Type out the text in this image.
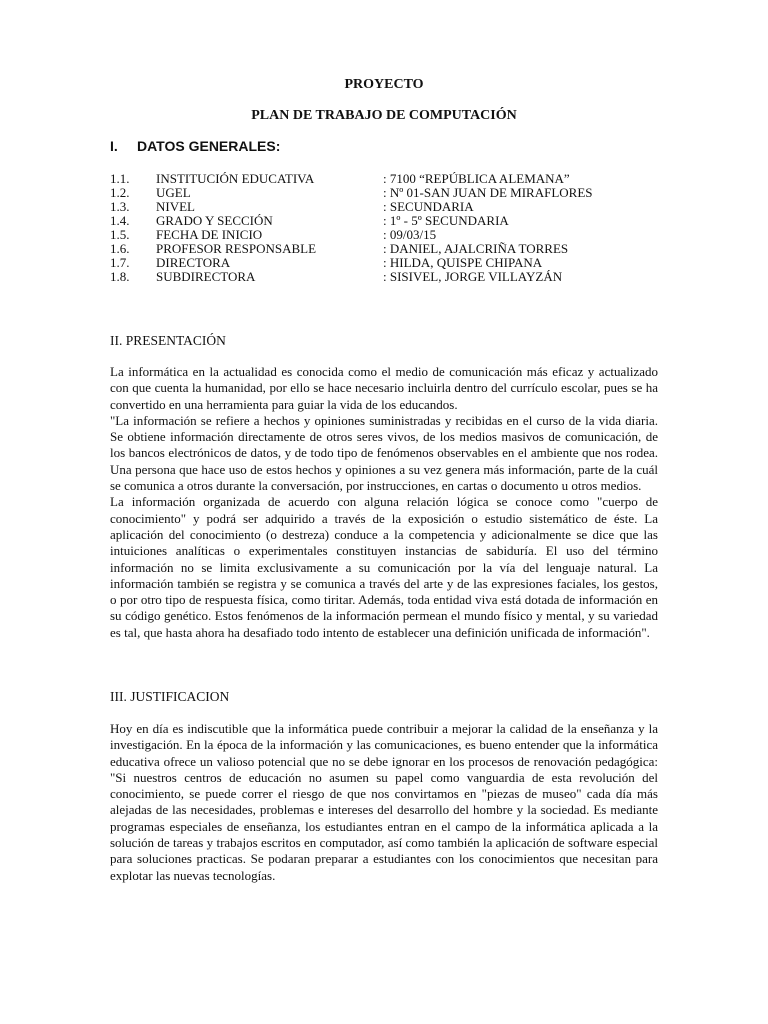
PROYECTO
PLAN DE TRABAJO DE COMPUTACIÓN
I. DATOS GENERALES:
1.1. INSTITUCIÓN EDUCATIVA	: 7100 “REPÚBLICA ALEMANA”
1.2. UGEL	: Nº 01-SAN JUAN DE MIRAFLORES
1.3. NIVEL	: SECUNDARIA
1.4. GRADO Y SECCIÓN	: 1º - 5º SECUNDARIA
1.5. FECHA DE INICIO	: 09/03/15
1.6. PROFESOR RESPONSABLE	: DANIEL, AJALCRIÑA TORRES
1.7. DIRECTORA	: HILDA, QUISPE CHIPANA
1.8. SUBDIRECTORA	: SISIVEL, JORGE VILLAYZÁN
II. PRESENTACIÓN
La informática en la actualidad es conocida como el medio de comunicación más eficaz y actualizado con que cuenta la humanidad, por ello se hace necesario incluirla dentro del currículo escolar, pues se ha convertido en una herramienta para guiar la vida de los educandos.
"La información se refiere a hechos y opiniones suministradas y recibidas en el curso de la vida diaria. Se obtiene información directamente de otros seres vivos, de los medios masivos de comunicación, de los bancos electrónicos de datos, y de todo tipo de fenómenos observables en el ambiente que nos rodea. Una persona que hace uso de estos hechos y opiniones a su vez genera más información, parte de la cuál se comunica a otros durante la conversación, por instrucciones, en cartas o documento u otros medios.
La información organizada de acuerdo con alguna relación lógica se conoce como "cuerpo de conocimiento" y podrá ser adquirido a través de la exposición o estudio sistemático de éste. La aplicación del conocimiento (o destreza) conduce a la competencia y adicionalmente se dice que las intuiciones analíticas o experimentales constituyen instancias de sabiduría. El uso del término información no se limita exclusivamente a su comunicación por la vía del lenguaje natural. La información también se registra y se comunica a través del arte y de las expresiones faciales, los gestos, o por otro tipo de respuesta física, como tiritar. Además, toda entidad viva está dotada de información en su código genético. Estos fenómenos de la información permean el mundo físico y mental, y su variedad es tal, que hasta ahora ha desafiado todo intento de establecer una definición unificada de información".
III. JUSTIFICACION
Hoy en día es indiscutible que la informática puede contribuir a mejorar la calidad de la enseñanza y la investigación. En la época de la información y las comunicaciones, es bueno entender que la informática educativa ofrece un valioso potencial que no se debe ignorar en los procesos de renovación pedagógica: "Si nuestros centros de educación no asumen su papel como vanguardia de esta revolución del conocimiento, se puede correr el riesgo de que nos convirtamos en "piezas de museo" cada día más alejadas de las necesidades, problemas e intereses del desarrollo del hombre y la sociedad. Es mediante programas especiales de enseñanza, los estudiantes entran en el campo de la informática aplicada a la solución de tareas y trabajos escritos en computador, así como también la aplicación de software especial para soluciones practicas. Se podaran preparar a estudiantes con los conocimientos que necesitan para explotar las nuevas tecnologías.
